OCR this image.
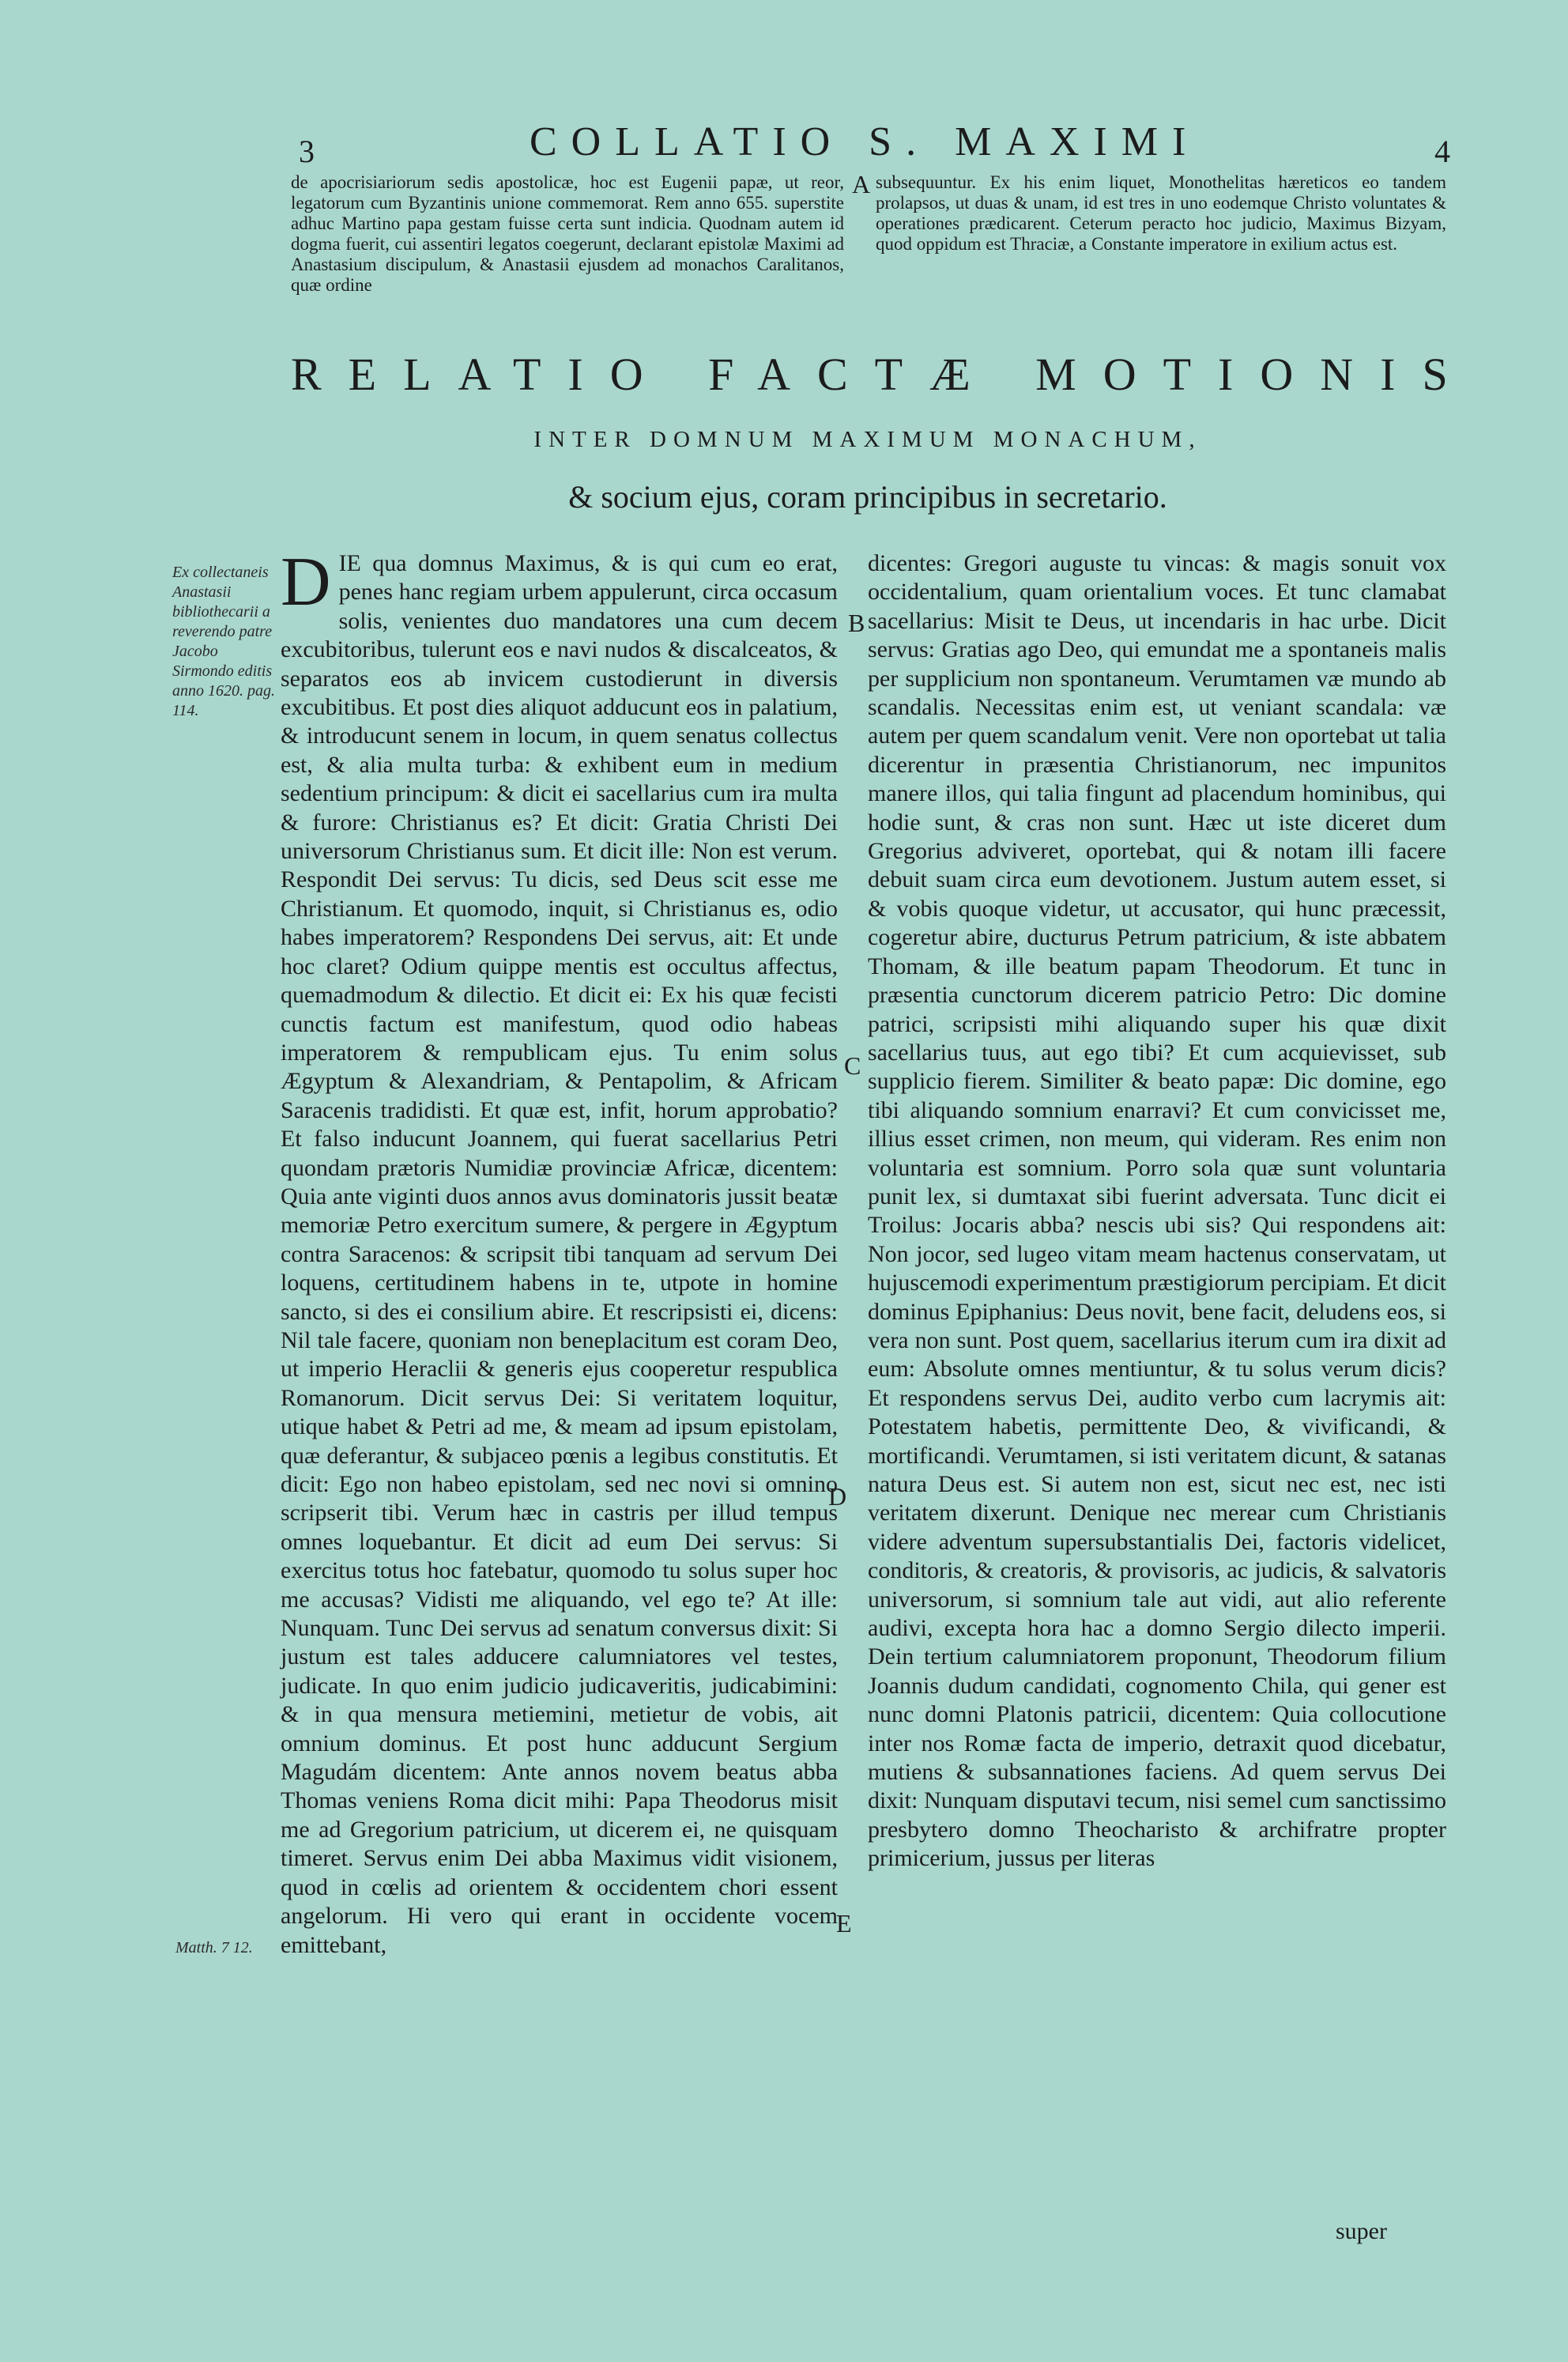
3	COLLATIO S. MAXIMI	4

de apocrisiariorum sedis apostolicæ, hoc est Eugenii papæ, ut reor, legatorum cum Byzantinis unione commemorat. Rem anno 655. superstite adhuc Martino papa gestam fuisse certa sunt indicia. Quodnam autem id dogma fuerit, cui assentiri legatos coegerunt, declarant epistolæ Maximi ad Anastasium discipulum, & Anastasii ejusdem ad monachos Caralitanos, quæ ordine

subsequuntur. Ex his enim liquet, Monothelitas hæreticos eo tandem prolapsos, ut duas & unam, id est tres in uno eodemque Christo voluntates & operationes prædicarent. Ceterum peracto hoc judicio, Maximus Bizyam, quod oppidum est Thraciæ, a Constante imperatore in exilium actus est.

RELATIO FACTÆ MOTIONIS
INTER DOMNUM MAXIMUM MONACHUM,
& socium ejus, coram principibus in secretario.
Ex collectaneis Anastasii bibliothecarii a reverendo patre Jacobo Sirmondo editis anno 1620. pag. 114.
Matth. 7 12.
A
B
C
D
E
D IE qua domnus Maximus, & is qui cum eo erat, penes hanc regiam urbem appulerunt, circa occasum solis, venientes duo mandatores una cum decem excubitoribus, tulerunt eos e navi nudos & discalceatos, & separatos eos ab invicem custodierunt in diversis excubitibus. Et post dies aliquot adducunt eos in palatium, & introducunt senem in locum, in quem senatus collectus est, & alia multa turba: & exhibent eum in medium sedentium principum: & dicit ei sacellarius cum ira multa & furore: Christianus es? Et dicit: Gratia Christi Dei universorum Christianus sum. Et dicit ille: Non est verum. Respondit Dei servus: Tu dicis, sed Deus scit esse me Christianum. Et quomodo, inquit, si Christianus es, odio habes imperatorem? Respondens Dei servus, ait: Et unde hoc claret? Odium quippe mentis est occultus affectus, quemadmodum & dilectio. Et dicit ei: Ex his quæ fecisti cunctis factum est manifestum, quod odio habeas imperatorem & rempublicam ejus. Tu enim solus Ægyptum & Alexandriam, & Pentapolim, & Africam Saracenis tradidisti. Et quæ est, infit, horum approbatio? Et falso inducunt Joannem, qui fuerat sacellarius Petri quondam prætoris Numidiæ provinciæ Africæ, dicentem: Quia ante viginti duos annos avus dominatoris jussit beatæ memoriæ Petro exercitum sumere, & pergere in Ægyptum contra Saracenos: & scripsit tibi tanquam ad servum Dei loquens, certitudinem habens in te, utpote in homine sancto, si des ei consilium abire. Et rescripsisti ei, dicens: Nil tale facere, quoniam non beneplacitum est coram Deo, ut imperio Heraclii & generis ejus cooperetur respublica Romanorum. Dicit servus Dei: Si veritatem loquitur, utique habet & Petri ad me, & meam ad ipsum epistolam, quæ deferantur, & subjaceo pœnis a legibus constitutis. Et dicit: Ego non habeo epistolam, sed nec novi si omnino scripserit tibi. Verum hæc in castris per illud tempus omnes loquebantur. Et dicit ad eum Dei servus: Si exercitus totus hoc fatebatur, quomodo tu solus super hoc me accusas? Vidisti me aliquando, vel ego te? At ille: Nunquam. Tunc Dei servus ad senatum conversus dixit: Si justum est tales adducere calumniatores vel testes, judicate. In quo enim judicio judicaveritis, judicabimini: & in qua mensura metiemini, metietur de vobis, ait omnium dominus. Et post hunc adducunt Sergium Magudám dicentem: Ante annos novem beatus abba Thomas veniens Roma dicit mihi: Papa Theodorus misit me ad Gregorium patricium, ut dicerem ei, ne quisquam timeret. Servus enim Dei abba Maximus vidit visionem, quod in cœlis ad orientem & occidentem chori essent angelorum. Hi vero qui erant in occidente vocem emittebant,

dicentes: Gregori auguste tu vincas: & magis sonuit vox occidentalium, quam orientalium voces. Et tunc clamabat sacellarius: Misit te Deus, ut incendaris in hac urbe. Dicit servus: Gratias ago Deo, qui emundat me a spontaneis malis per supplicium non spontaneum. Verumtamen væ mundo ab scandalis. Necessitas enim est, ut veniant scandala: væ autem per quem scandalum venit. Vere non oportebat ut talia dicerentur in præsentia Christianorum, nec impunitos manere illos, qui talia fingunt ad placendum hominibus, qui hodie sunt, & cras non sunt. Hæc ut iste diceret dum Gregorius adviveret, oportebat, qui & notam illi facere debuit suam circa eum devotionem. Justum autem esset, si & vobis quoque videtur, ut accusator, qui hunc præcessit, cogeretur abire, ducturus Petrum patricium, & iste abbatem Thomam, & ille beatum papam Theodorum. Et tunc in præsentia cunctorum dicerem patricio Petro: Dic domine patrici, scripsisti mihi aliquando super his quæ dixit sacellarius tuus, aut ego tibi? Et cum acquievisset, sub supplicio fierem. Similiter & beato papæ: Dic domine, ego tibi aliquando somnium enarravi? Et cum convicisset me, illius esset crimen, non meum, qui videram. Res enim non voluntaria est somnium. Porro sola quæ sunt voluntaria punit lex, si dumtaxat sibi fuerint adversata. Tunc dicit ei Troilus: Jocaris abba? nescis ubi sis? Qui respondens ait: Non jocor, sed lugeo vitam meam hactenus conservatam, ut hujuscemodi experimentum præstigiorum percipiam. Et dicit dominus Epiphanius: Deus novit, bene facit, deludens eos, si vera non sunt. Post quem, sacellarius iterum cum ira dixit ad eum: Absolute omnes mentiuntur, & tu solus verum dicis? Et respondens servus Dei, audito verbo cum lacrymis ait: Potestatem habetis, permittente Deo, & vivificandi, & mortificandi. Verumtamen, si isti veritatem dicunt, & satanas natura Deus est. Si autem non est, sicut nec est, nec isti veritatem dixerunt. Denique nec merear cum Christianis videre adventum supersubstantialis Dei, factoris videlicet, conditoris, & creatoris, & provisoris, ac judicis, & salvatoris universorum, si somnium tale aut vidi, aut alio referente audivi, excepta hora hac a domno Sergio dilecto imperii. Dein tertium calumniatorem proponunt, Theodorum filium Joannis dudum candidati, cognomento Chila, qui gener est nunc domni Platonis patricii, dicentem: Quia collocutione inter nos Romæ facta de imperio, detraxit quod dicebatur, mutiens & subsannationes faciens. Ad quem servus Dei dixit: Nunquam disputavi tecum, nisi semel cum sanctissimo presbytero domno Theocharisto & archifratre propter primicerium, jussus per literas

super
